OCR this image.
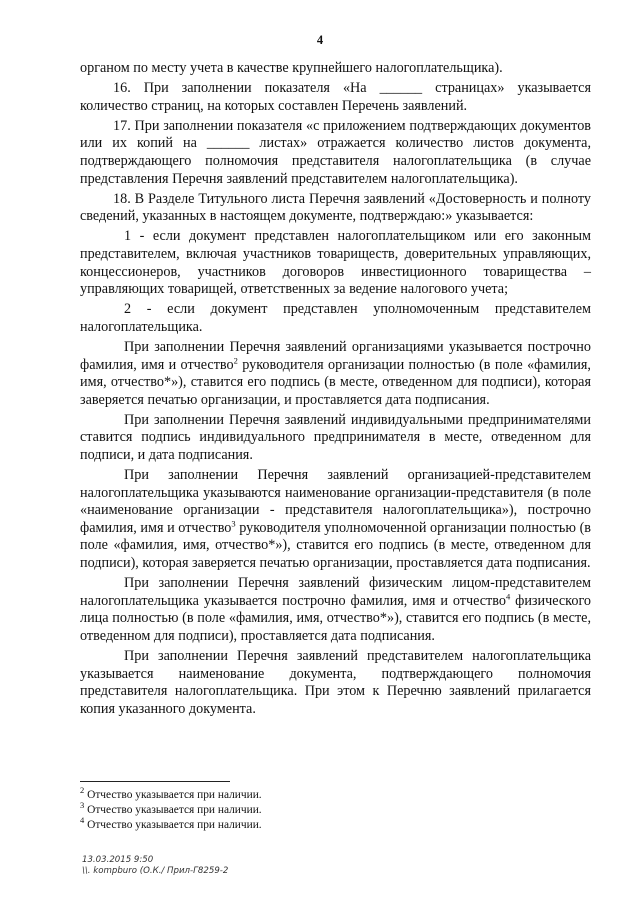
4

органом по месту учета в качестве крупнейшего налогоплательщика).

16. При заполнении показателя «На ______ страницах» указывается количество страниц, на которых составлен Перечень заявлений.

17. При заполнении показателя «с приложением подтверждающих документов или их копий на ______ листах» отражается количество листов документа, подтверждающего полномочия представителя налогоплательщика (в случае представления Перечня заявлений представителем налогоплательщика).

18. В Разделе Титульного листа Перечня заявлений «Достоверность и полноту сведений, указанных в настоящем документе, подтверждаю:» указывается:

1 - если документ представлен налогоплательщиком или его законным представителем, включая участников товариществ, доверительных управляющих, концессионеров, участников договоров инвестиционного товарищества – управляющих товарищей, ответственных за ведение налогового учета;

2 - если документ представлен уполномоченным представителем налогоплательщика.

При заполнении Перечня заявлений организациями указывается построчно фамилия, имя и отчество$^2$ руководителя организации полностью (в поле «фамилия, имя, отчество*»), ставится его подпись (в месте, отведенном для подписи), которая заверяется печатью организации, и проставляется дата подписания.

При заполнении Перечня заявлений индивидуальными предпринимателями ставится подпись индивидуального предпринимателя в месте, отведенном для подписи, и дата подписания.

При заполнении Перечня заявлений организацией-представителем налогоплательщика указываются наименование организации-представителя (в поле «наименование организации - представителя налогоплательщика»), построчно фамилия, имя и отчество$^3$ руководителя уполномоченной организации полностью (в поле «фамилия, имя, отчество*»), ставится его подпись (в месте, отведенном для подписи), которая заверяется печатью организации, проставляется дата подписания.

При заполнении Перечня заявлений физическим лицом-представителем налогоплательщика указывается построчно фамилия, имя и отчество$^4$ физического лица полностью (в поле «фамилия, имя, отчество*»), ставится его подпись (в месте, отведенном для подписи), проставляется дата подписания.

При заполнении Перечня заявлений представителем налогоплательщика указывается наименование документа, подтверждающего полномочия представителя налогоплательщика. При этом к Перечню заявлений прилагается копия указанного документа.

$^2$ Отчество указывается при наличии.

$^3$ Отчество указывается при наличии.

$^4$ Отчество указывается при наличии.

13.03.2015 9:50
\\. kompburo (О.К./ Прил-Г8259-2
